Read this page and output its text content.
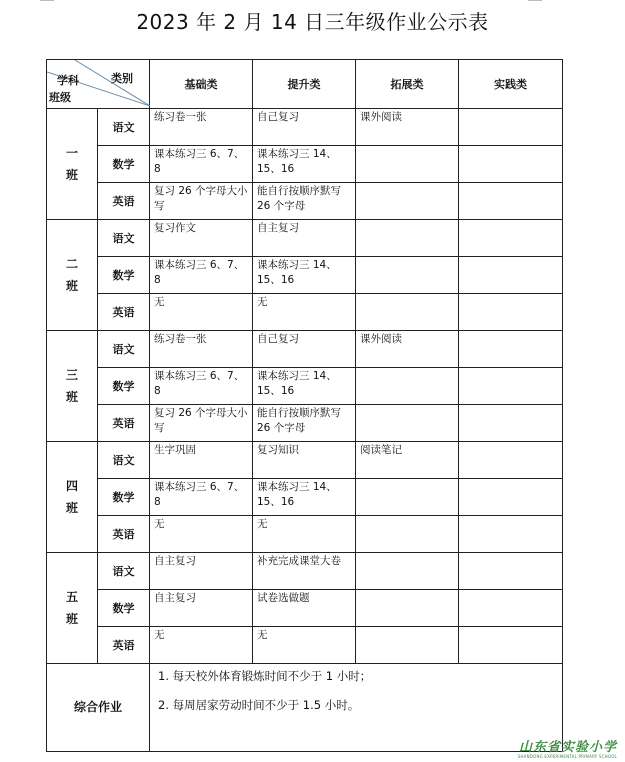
2023 年 2 月 14 日三年级作业公示表
类别
学科
班级		基础类	提升类	拓展类	实践类
一班	语文	练习卷一张	自己复习	课外阅读	
	数学	课本练习三 6、7、8	课本练习三 14、15、16		
	英语	复习 26 个字母大小写	能自行按顺序默写 26 个字母		
二班	语文	复习作文	自主复习		
	数学	课本练习三 6、7、8	课本练习三 14、15、16		
	英语	无	无		
三班	语文	练习卷一张	自己复习	课外阅读	
	数学	课本练习三 6、7、8	课本练习三 14、15、16		
	英语	复习 26 个字母大小写	能自行按顺序默写 26 个字母		
四班	语文	生字巩固	复习知识	阅读笔记	
	数学	课本练习三 6、7、8	课本练习三 14、15、16		
	英语	无	无		
五班	语文	自主复习	补充完成课堂大卷		
	数学	自主复习	试卷选做题		
	英语	无	无		
综合作业		1. 每天校外体育锻炼时间不少于 1 小时；

2. 每周居家劳动时间不少于 1.5 小时。			

山东省实验小学
SHANDONG EXPERIMENTAL PRIMARY SCHOOL
